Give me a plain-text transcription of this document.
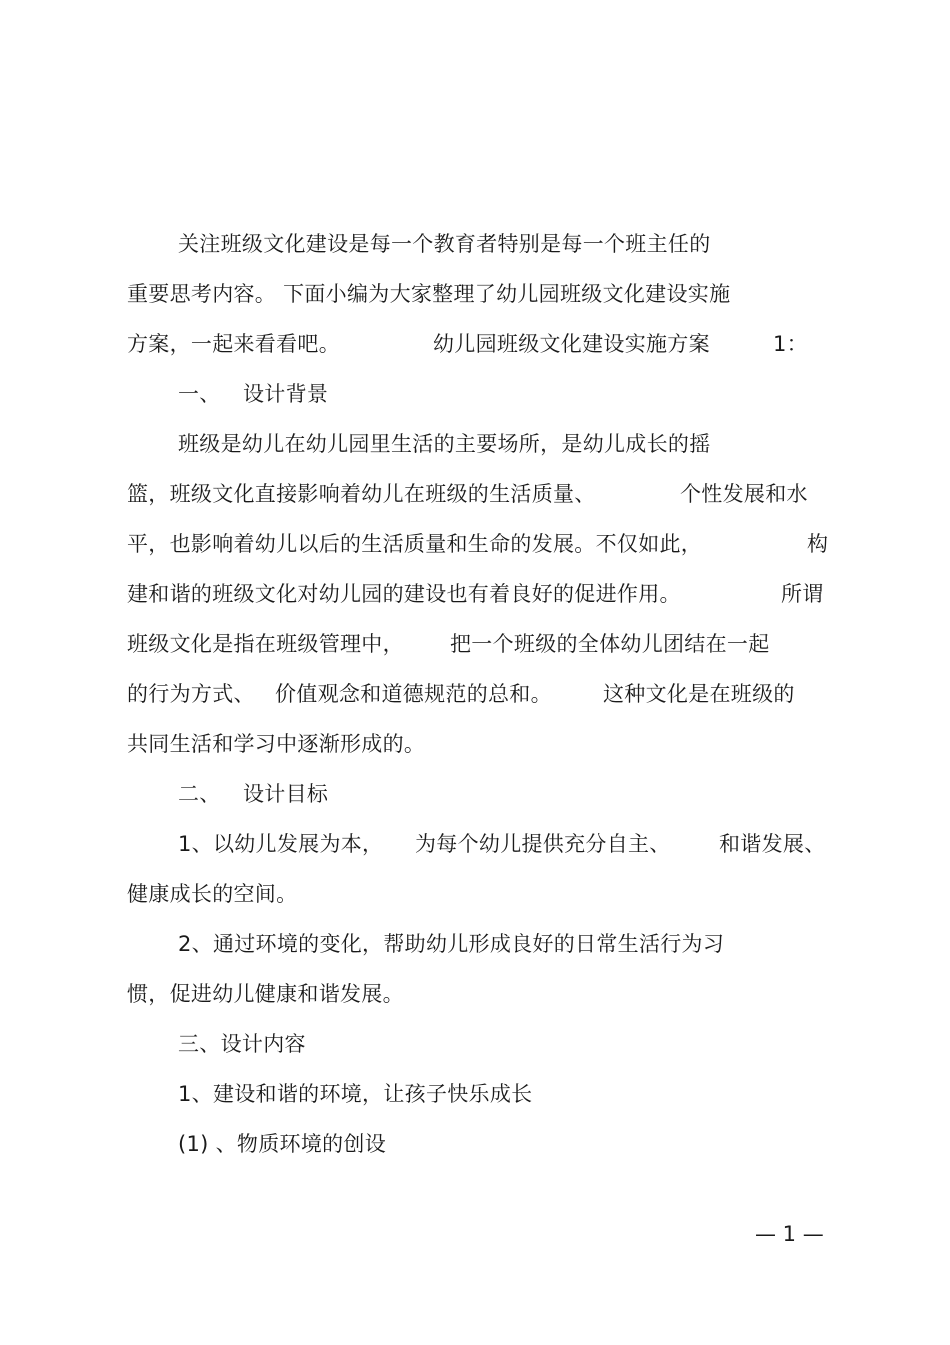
关注班级文化建设是每一个教育者特别是每一个班主任的
重要思考内容。 下面小编为大家整理了幼儿园班级文化建设实施
方案，一起来看看吧。	幼儿园班级文化建设实施方案	1：
一、 设计背景
班级是幼儿在幼儿园里生活的主要场所，是幼儿成长的摇
篮，班级文化直接影响着幼儿在班级的生活质量、	个性发展和水
平，也影响着幼儿以后的生活质量和生命的发展。不仅如此，	构
建和谐的班级文化对幼儿园的建设也有着良好的促进作用。	所谓
班级文化是指在班级管理中， 把一个班级的全体幼儿团结在一起
的行为方式、 价值观念和道德规范的总和。 这种文化是在班级的
共同生活和学习中逐渐形成的。
二、 设计目标
1、以幼儿发展为本， 为每个幼儿提供充分自主、 和谐发展、
健康成长的空间。
2、通过环境的变化，帮助幼儿形成良好的日常生活行为习
惯，促进幼儿健康和谐发展。
三、设计内容
1、建设和谐的环境，让孩子快乐成长
(1) 、物质环境的创设
— 1 —
